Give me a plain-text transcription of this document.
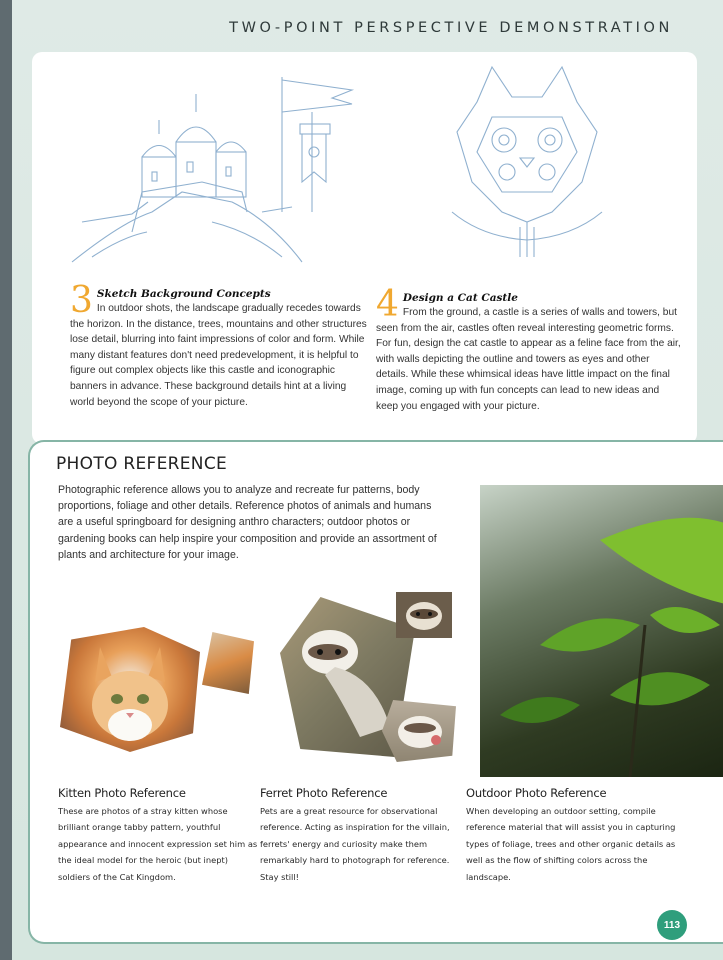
TWO-POINT PERSPECTIVE DEMONSTRATION
3 Sketch Background Concepts
In outdoor shots, the landscape gradually recedes towards the horizon. In the distance, trees, mountains and other structures lose detail, blurring into faint impressions of color and form. While many distant features don't need predevelopment, it is helpful to figure out complex objects like this castle and iconographic banners in advance. These background details hint at a living world beyond the scope of your picture.
4 Design a Cat Castle
From the ground, a castle is a series of walls and towers, but seen from the air, castles often reveal interesting geometric forms. For fun, design the cat castle to appear as a feline face from the air, with walls depicting the outline and towers as eyes and other details. While these whimsical ideas have little impact on the final image, coming up with fun concepts can lead to new ideas and keep you engaged with your picture.
PHOTO REFERENCE
Photographic reference allows you to analyze and recreate fur patterns, body proportions, foliage and other details. Reference photos of animals and humans are a useful springboard for designing anthro characters; outdoor photos or gardening books can help inspire your composition and provide an assortment of plants and architecture for your image.
Kitten Photo Reference
These are photos of a stray kitten whose brilliant orange tabby pattern, youthful appearance and innocent expression set him as the ideal model for the heroic (but inept) soldiers of the Cat Kingdom.
Ferret Photo Reference
Pets are a great resource for observational reference. Acting as inspiration for the villain, ferrets' energy and curiosity make them remarkably hard to photograph for reference. Stay still!
Outdoor Photo Reference
When developing an outdoor setting, compile reference material that will assist you in capturing types of foliage, trees and other organic details as well as the flow of shifting colors across the landscape.
113
